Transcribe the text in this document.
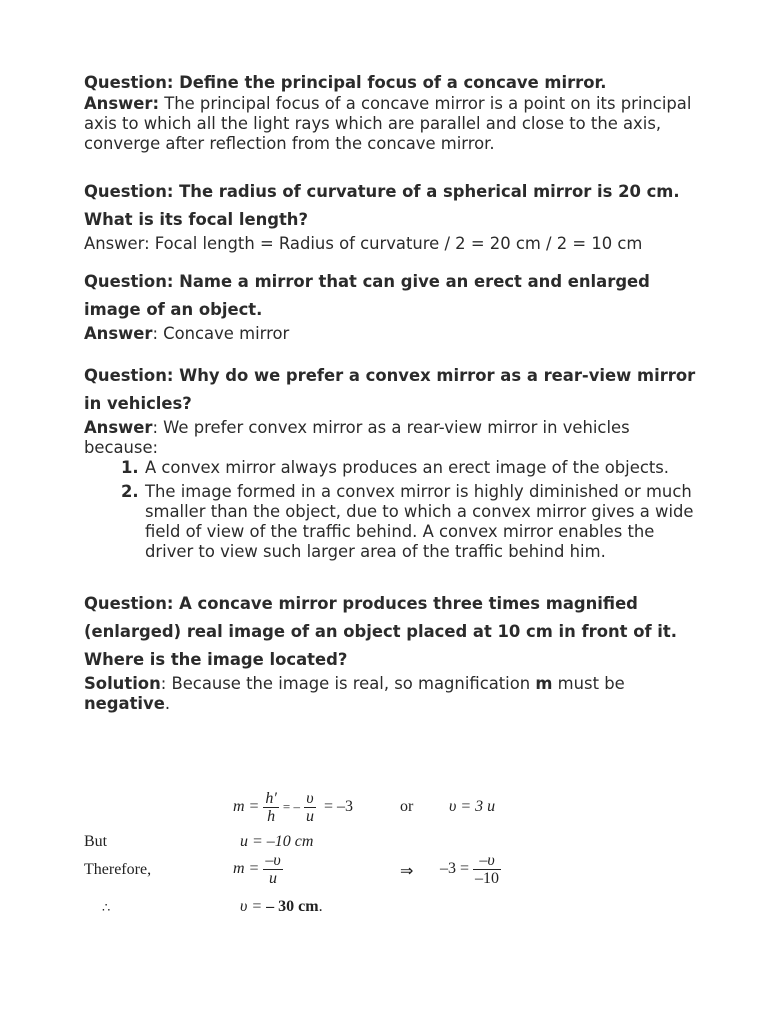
Question: Define the principal focus of a concave mirror.

Answer: The principal focus of a concave mirror is a point on its principal axis to which all the light rays which are parallel and close to the axis, converge after reflection from the concave mirror.

Question: The radius of curvature of a spherical mirror is 20 cm. What is its focal length?

Answer: Focal length = Radius of curvature / 2 = 20 cm / 2 = 10 cm

Question: Name a mirror that can give an erect and enlarged image of an object.

Answer: Concave mirror

Question: Why do we prefer a convex mirror as a rear-view mirror in vehicles?

Answer: We prefer convex mirror as a rear-view mirror in vehicles because:

1. A convex mirror always produces an erect image of the objects.
2. The image formed in a convex mirror is highly diminished or much smaller than the object, due to which a convex mirror gives a wide field of view of the traffic behind. A convex mirror enables the driver to view such larger area of the traffic behind him.

Question: A concave mirror produces three times magnified (enlarged) real image of an object placed at 10 cm in front of it. Where is the image located?

Solution: Because the image is real, so magnification m must be negative.

$m = \frac{h'}{h}$ = – $\frac{\upsilon}{u} = -3$	or υ = 3 u
But	u = –10 cm
Therefore,	$m = \frac{-\upsilon}{u}$	⇒ $-3 = \frac{-\upsilon}{-10}$
∴	υ = – 30 cm.
